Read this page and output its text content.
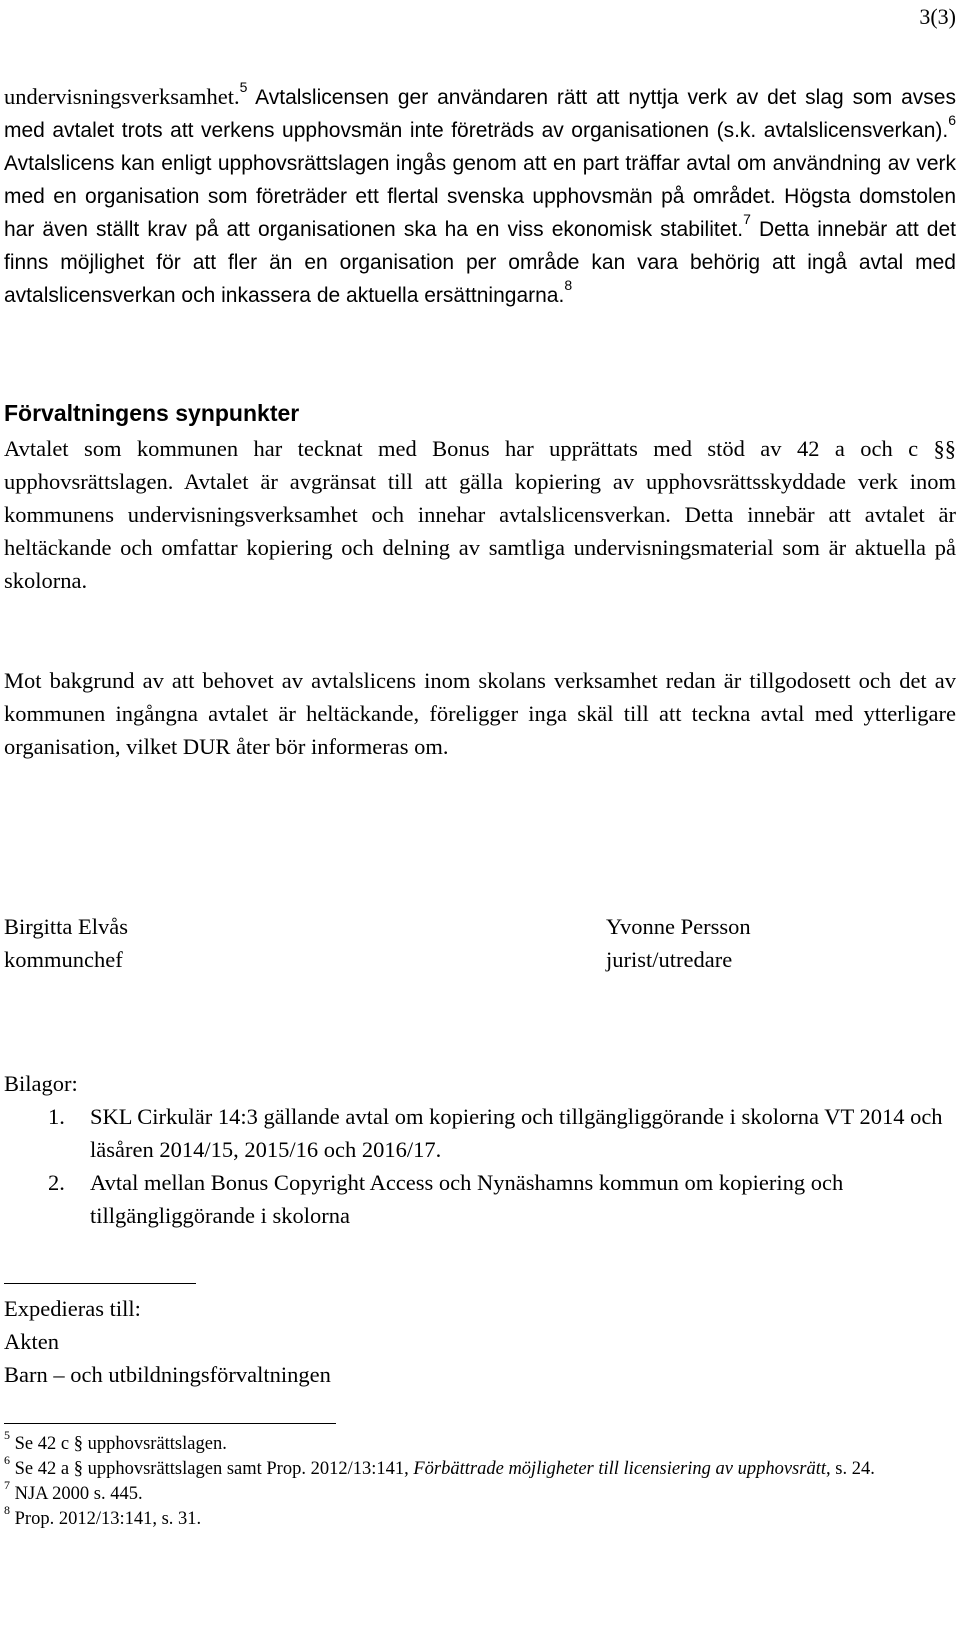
3(3)

undervisningsverksamhet.$^5$ Avtalslicensen ger användaren rätt att nyttja verk av det slag som avses med avtalet trots att verkens upphovsmän inte företräds av organisationen (s.k. avtalslicensverkan).$^6$ Avtalslicens kan enligt upphovsrättslagen ingås genom att en part träffar avtal om användning av verk med en organisation som företräder ett flertal svenska upphovsmän på området. Högsta domstolen har även ställt krav på att organisationen ska ha en viss ekonomisk stabilitet.$^7$ Detta innebär att det finns möjlighet för att fler än en organisation per område kan vara behörig att ingå avtal med avtalslicensverkan och inkassera de aktuella ersättningarna.$^8$

Förvaltningens synpunkter

Avtalet som kommunen har tecknat med Bonus har upprättats med stöd av 42 a och c §§ upphovsrättslagen. Avtalet är avgränsat till att gälla kopiering av upphovsrättsskyddade verk inom kommunens undervisningsverksamhet och innehar avtalslicensverkan. Detta innebär att avtalet är heltäckande och omfattar kopiering och delning av samtliga undervisningsmaterial som är aktuella på skolorna.

Mot bakgrund av att behovet av avtalslicens inom skolans verksamhet redan är tillgodosett och det av kommunen ingångna avtalet är heltäckande, föreligger inga skäl till att teckna avtal med ytterligare organisation, vilket DUR åter bör informeras om.

Birgitta Elvås
kommunchef
Yvonne Persson
jurist/utredare
Bilagor:
1. SKL Cirkulär 14:3 gällande avtal om kopiering och tillgängliggörande i skolorna VT 2014 och läsåren 2014/15, 2015/16 och 2016/17.
2. Avtal mellan Bonus Copyright Access och Nynäshamns kommun om kopiering och tillgängliggörande i skolorna
Expedieras till:
Akten
Barn – och utbildningsförvaltningen

$^5$ Se 42 c § upphovsrättslagen.

$^6$ Se 42 a § upphovsrättslagen samt Prop. 2012/13:141, Förbättrade möjligheter till licensiering av upphovsrätt, s. 24.

$^7$ NJA 2000 s. 445.

$^8$ Prop. 2012/13:141, s. 31.
